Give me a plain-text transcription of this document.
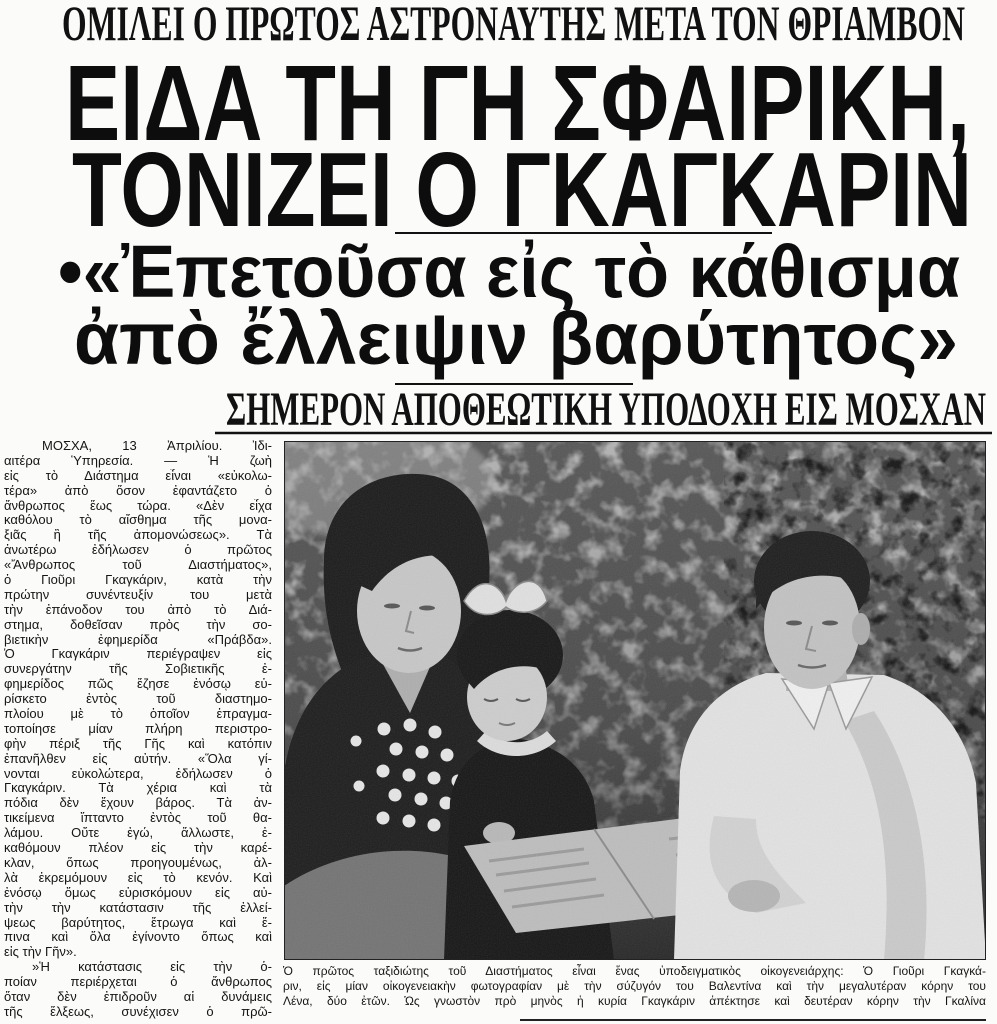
ΟΜΙΛΕΙ Ο ΠΡΩΤΟΣ ΑΣΤΡΟΝΑΥΤΗΣ ΜΕΤΑ ΤΟΝ ΘΡΙΑΜΒΟΝ
ΕΙΔΑ ΤΗ ΓΗ ΣΦΑΙΡΙΚΗ,
ΤΟΝΙΖΕΙ Ο ΓΚΑΓΚΑΡΙΝ
•«Ἐπετοῦσα εἰς τὸ κάθισμα
ἀπὸ ἔλλειψιν βαρύτητος»
ΣΗΜΕΡΟΝ ΑΠΟΘΕΩΤΙΚΗ ΥΠΟΔΟΧΗ ΕΙΣ ΜΟΣΧΑΝ
ΜΟΣΧΑ, 13 Ἀπριλίου. Ἰδι-
αιτέρα Ὑπηρεσία. — Ἡ ζωὴ
εἰς τὸ Διάστημα εἶναι «εὐκολω-
τέρα» ἀπὸ ὅσον ἐφαντάζετο ὁ
ἄνθρωπος ἕως τώρα. «Δὲν εἶχα
καθόλου τὸ αἴσθημα τῆς μονα-
ξιᾶς ἢ τῆς ἀπομονώσεως». Τὰ
ἀνωτέρω ἐδήλωσεν ὁ πρῶτος
«Ἄνθρωπος τοῦ Διαστήματος»,
ὁ Γιοῦρι Γκαγκάριν, κατὰ τὴν
πρώτην συνέντευξίν του μετὰ
τὴν ἐπάνοδον του ἀπὸ τὸ Διά-
στημα, δοθεῖσαν πρὸς τὴν σο-
βιετικὴν ἐφημερίδα «Πράβδα».
Ὁ Γκαγκάριν περιέγραψεν εἰς
συνεργάτην τῆς Σοβιετικῆς ἐ-
φημερίδος πῶς ἔζησε ἐνόσῳ εὑ-
ρίσκετο ἐντὸς τοῦ διαστημο-
πλοίου μὲ τὸ ὁποῖον ἐπραγμα-
τοποίησε μίαν πλήρη περιστρο-
φὴν πέριξ τῆς Γῆς καὶ κατόπιν
ἐπανῆλθεν εἰς αὐτήν. «Ὅλα γί-
νονται εὐκολώτερα, ἐδήλωσεν ὁ
Γκαγκάριν. Τὰ χέρια καὶ τὰ
πόδια δὲν ἔχουν βάρος. Τὰ ἀν-
τικείμενα ἵπταντο ἐντὸς τοῦ θα-
λάμου. Οὔτε ἐγώ, ἄλλωστε, ἐ-
καθόμουν πλέον εἰς τὴν καρέ-
κλαν, ὅπως προηγουμένως, ἀλ-
λὰ ἐκρεμόμουν εἰς τὸ κενόν. Καὶ
ἐνόσῳ ὅμως εὑρισκόμουν εἰς αὐ-
τὴν τὴν κατάστασιν τῆς ἐλλεί-
ψεως βαρύτητος, ἔτρωγα καὶ ἔ-
πινα καὶ ὅλα ἐγίνοντο ὅπως καὶ
εἰς τὴν Γῆν».
»Ἡ κατάστασις εἰς τὴν ὁ-
ποίαν περιέρχεται ὁ ἄνθρωπος
ὅταν δὲν ἐπιδροῦν αἱ δυνάμεις
τῆς ἕλξεως, συνέχισεν ὁ πρῶ-
Ὁ πρῶτος ταξιδιώτης τοῦ Διαστήματος εἶναι ἕνας ὑποδειγματικὸς οἰκογενειάρχης: Ὁ Γιοῦρι Γκαγκά-
ριν, εἰς μίαν οἰκογενειακὴν φωτογραφίαν μὲ τὴν σύζυγόν του Βαλεντίνα καὶ τὴν μεγαλυτέραν κόρην του
Λένα, δύο ἐτῶν. Ὡς γνωστὸν πρὸ μηνὸς ἡ κυρία Γκαγκάριν ἀπέκτησε καὶ δευτέραν κόρην τὴν Γκαλίνα
